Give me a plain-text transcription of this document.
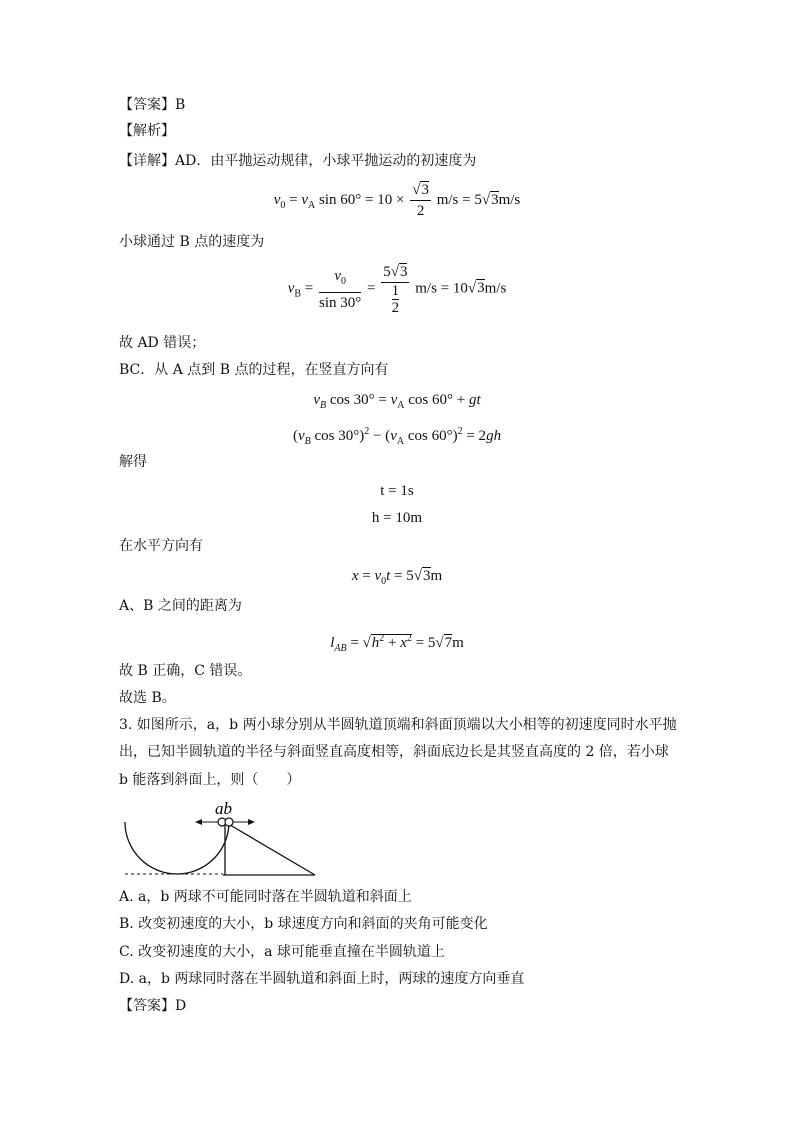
【答案】B
【解析】
【详解】AD．由平抛运动规律，小球平抛运动的初速度为
$v_0 = v_A$ $\sin 60^\circ = 10 \times \frac{√3}{2} m/s = 5√3m/s$
小球通过 B 点的速度为
$v_B = \frac{v_0}{\sin 30^\circ}$ =
5√3
1
2
m/s = 10√3m/s
故 AD 错误；
BC．从 A 点到 B 点的过程，在竖直方向有
$v_B$ $\cos 30^\circ = v_A$ cos 60° + gt
($v_B$ $\cos 30^\circ)^2 - (v_A$ cos 60°)$^2$ = 2gh
解得
t = 1s
h = 10m
在水平方向有
$x = v_0t = 5√3m$
A、B 之间的距离为
$l_{AB} = √h^2 + x^2 = 5√7m$
故 B 正确，C 错误。
故选 B。
3. 如图所示，a，b 两小球分别从半圆轨道顶端和斜面顶端以大小相等的初速度同时水平抛
出，已知半圆轨道的半径与斜面竖直高度相等，斜面底边长是其竖直高度的 2 倍，若小球
b 能落到斜面上，则（　　）
ab
A. a，b 两球不可能同时落在半圆轨道和斜面上
B. 改变初速度的大小，b 球速度方向和斜面的夹角可能变化
C. 改变初速度的大小，a 球可能垂直撞在半圆轨道上
D. a，b 两球同时落在半圆轨道和斜面上时，两球的速度方向垂直
【答案】D
